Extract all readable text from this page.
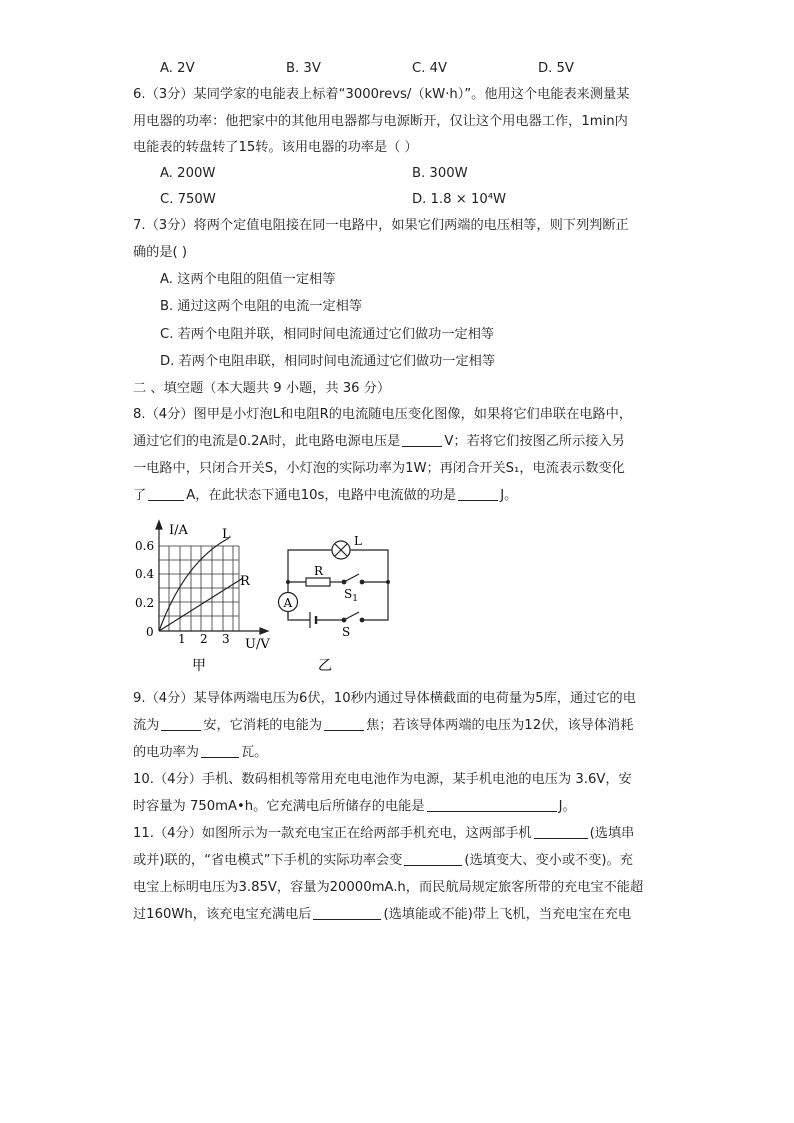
A. 2V	B. 3V	C. 4V	D. 5V
6.（3分）某同学家的电能表上标着“3000revs/（kW·h）”。他用这个电能表来测量某
用电器的功率：他把家中的其他用电器都与电源断开，仅让这个用电器工作，1min内
电能表的转盘转了15转。该用电器的功率是（ ）
A. 200W	B. 300W
C. 750W	D. 1.8 × 10⁴W
7.（3分）将两个定值电阻接在同一电路中，如果它们两端的电压相等，则下列判断正
确的是( )
A. 这两个电阻的阻值一定相等
B. 通过这两个电阻的电流一定相等
C. 若两个电阻并联，相同时间电流通过它们做功一定相等
D. 若两个电阻串联，相同时间电流通过它们做功一定相等
二 、填空题（本大题共 9 小题，共 36 分）
8.（4分）图甲是小灯泡L和电阻R的电流随电压变化图像，如果将它们串联在电路中，
通过它们的电流是0.2A时，此电路电源电压是	V；若将它们按图乙所示接入另
一电路中，只闭合开关S，小灯泡的实际功率为1W；再闭合开关S₁，电流表示数变化
了	A，在此状态下通电10s，电路中电流做的功是	J。
I/A
U/V
0
0.6
0.4
0.2
1 2 3
L
R
甲
L
R
$S_1$
A
S
乙
9.（4分）某导体两端电压为6伏，10秒内通过导体横截面的电荷量为5库，通过它的电
流为	安，它消耗的电能为	焦；若该导体两端的电压为12伏，该导体消耗
的电功率为	瓦。
10.（4分）手机、数码相机等常用充电电池作为电源，某手机电池的电压为 3.6V，安
时容量为 750mA•h。它充满电后所储存的电能是	J。
11.（4分）如图所示为一款充电宝正在给两部手机充电，这两部手机	(选填串
或并)联的，“省电模式”下手机的实际功率会变	(选填变大、变小或不变)。充
电宝上标明电压为3.85V，容量为20000mA.h，而民航局规定旅客所带的充电宝不能超
过160Wh，该充电宝充满电后	(选填能或不能)带上飞机，当充电宝在充电
